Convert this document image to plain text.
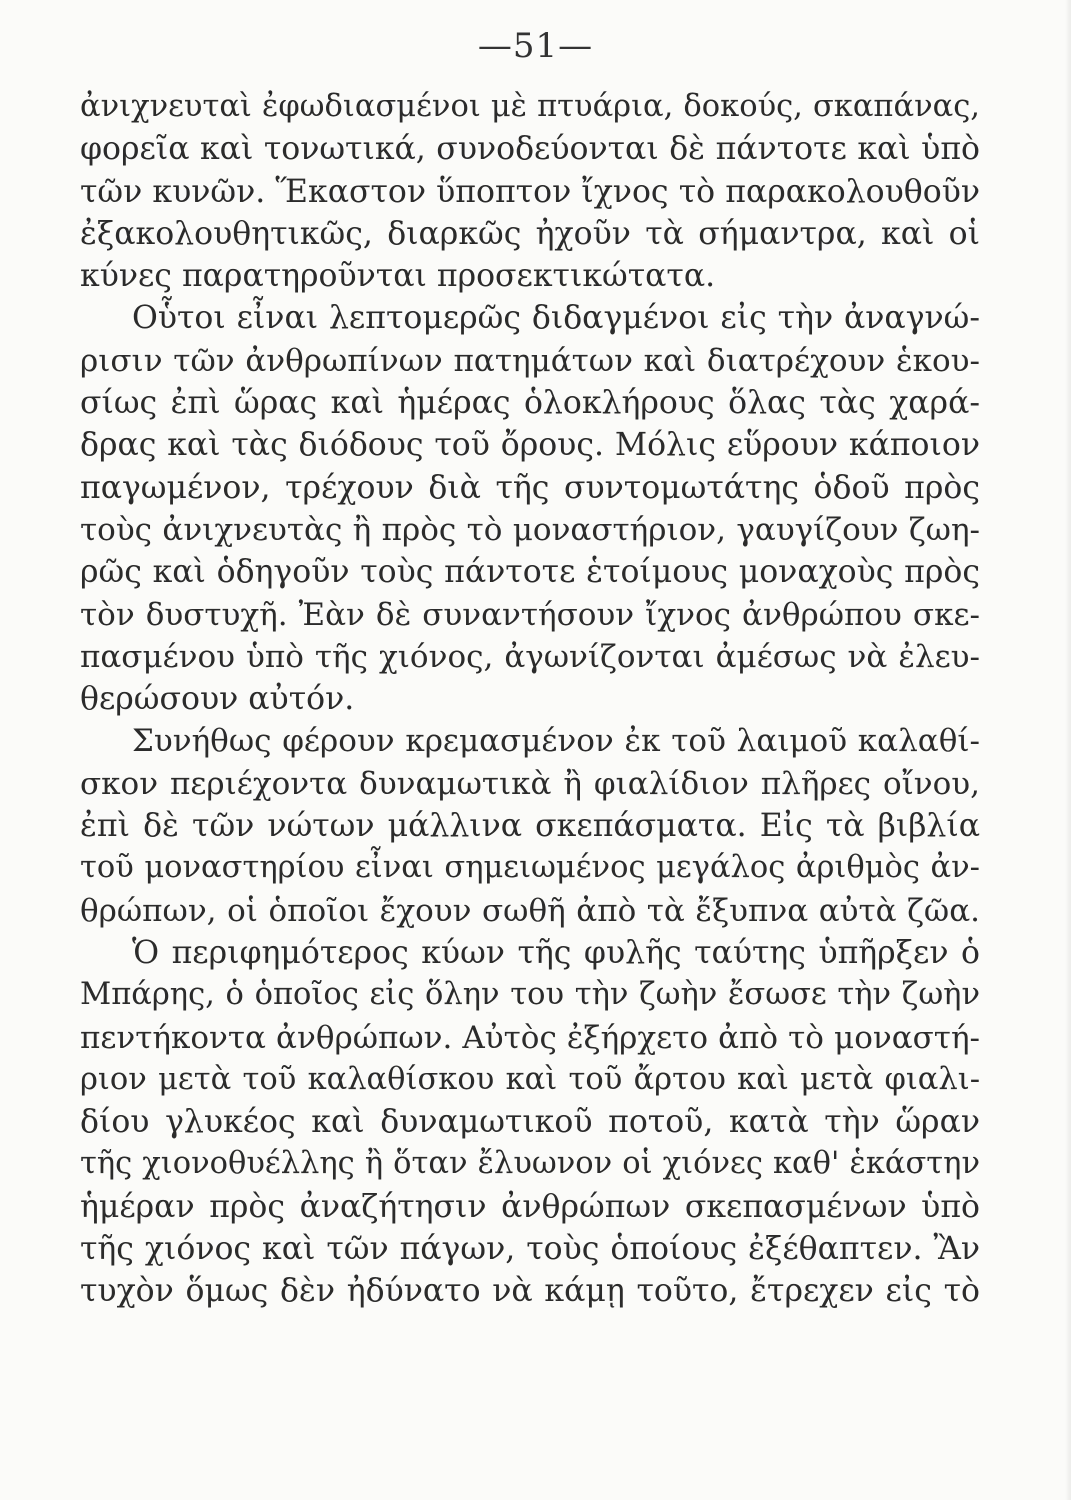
—51—
ἀνιχνευταὶ ἐφωδιασμένοι μὲ πτυάρια, δοκούς, σκαπάνας,
φορεῖα καὶ τονωτικά, συνοδεύονται δὲ πάντοτε καὶ ὑπὸ
τῶν κυνῶν. Ἕκαστον ὕποπτον ἴχνος τὸ παρακολουθοῦν
ἐξακολουθητικῶς, διαρκῶς ἠχοῦν τὰ σήμαντρα, καὶ οἱ
κύνες παρατηροῦνται προσεκτικώτατα.
Οὗτοι εἶναι λεπτομερῶς διδαγμένοι εἰς τὴν ἀναγνώ-
ρισιν τῶν ἀνθρωπίνων πατημάτων καὶ διατρέχουν ἑκου-
σίως ἐπὶ ὥρας καὶ ἡμέρας ὁλοκλήρους ὅλας τὰς χαρά-
δρας καὶ τὰς διόδους τοῦ ὄρους. Μόλις εὕρουν κάποιον
παγωμένον, τρέχουν διὰ τῆς συντομωτάτης ὁδοῦ πρὸς
τοὺς ἀνιχνευτὰς ἢ πρὸς τὸ μοναστήριον, γαυγίζουν ζωη-
ρῶς καὶ ὁδηγοῦν τοὺς πάντοτε ἑτοίμους μοναχοὺς πρὸς
τὸν δυστυχῆ. Ἐὰν δὲ συναντήσουν ἴχνος ἀνθρώπου σκε-
πασμένου ὑπὸ τῆς χιόνος, ἀγωνίζονται ἀμέσως νὰ ἐλευ-
θερώσουν αὐτόν.
Συνήθως φέρουν κρεμασμένον ἐκ τοῦ λαιμοῦ καλαθί-
σκον περιέχοντα δυναμωτικὰ ἢ φιαλίδιον πλῆρες οἴνου,
ἐπὶ δὲ τῶν νώτων μάλλινα σκεπάσματα. Εἰς τὰ βιβλία
τοῦ μοναστηρίου εἶναι σημειωμένος μεγάλος ἀριθμὸς ἀν-
θρώπων, οἱ ὁποῖοι ἔχουν σωθῆ ἀπὸ τὰ ἔξυπνα αὐτὰ ζῶα.
Ὁ περιφημότερος κύων τῆς φυλῆς ταύτης ὑπῆρξεν ὁ
Μπάρης, ὁ ὁποῖος εἰς ὅλην του τὴν ζωὴν ἔσωσε τὴν ζωὴν
πεντήκοντα ἀνθρώπων. Αὐτὸς ἐξήρχετο ἀπὸ τὸ μοναστή-
ριον μετὰ τοῦ καλαθίσκου καὶ τοῦ ἄρτου καὶ μετὰ φιαλι-
δίου γλυκέος καὶ δυναμωτικοῦ ποτοῦ, κατὰ τὴν ὥραν
τῆς χιονοθυέλλης ἢ ὅταν ἔλυωνον οἱ χιόνες καθ' ἑκάστην
ἡμέραν πρὸς ἀναζήτησιν ἀνθρώπων σκεπασμένων ὑπὸ
τῆς χιόνος καὶ τῶν πάγων, τοὺς ὁποίους ἐξέθαπτεν. Ἂν
τυχὸν ὅμως δὲν ἠδύνατο νὰ κάμῃ τοῦτο, ἔτρεχεν εἰς τὸ
